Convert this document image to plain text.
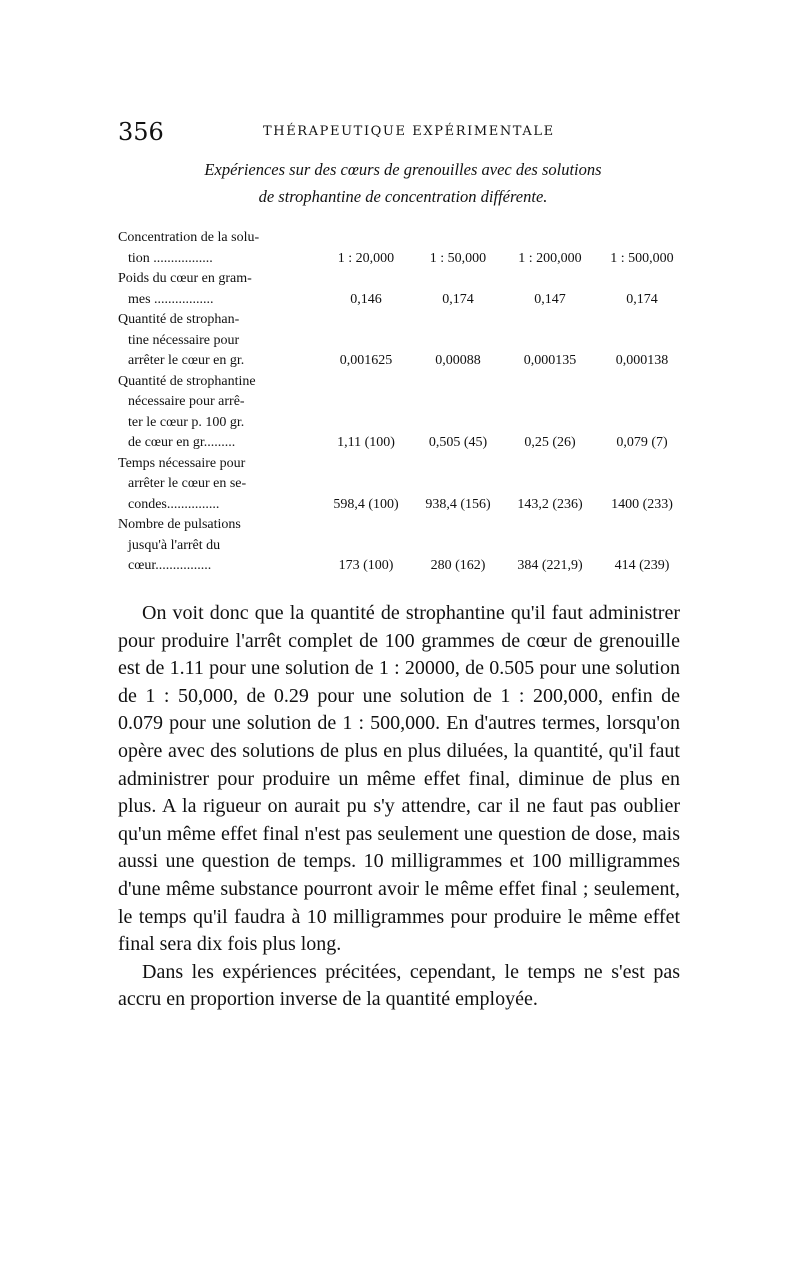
356	THÉRAPEUTIQUE EXPÉRIMENTALE
Expériences sur des cœurs de grenouilles avec des solutions
de strophantine de concentration différente.
Concentration de la solu-
tion .................	1 : 20,000	1 : 50,000	1 : 200,000	1 : 500,000

Poids du cœur en gram-
mes .................	0,146	0,174	0,147	0,174

Quantité de strophan-
tine nécessaire pour
arrêter le cœur en gr.	0,001625	0,00088	0,000135	0,000138

Quantité de strophantine
nécessaire pour arrê-
ter le cœur p. 100 gr.
de cœur en gr.........	1,11 (100)	0,505 (45)	0,25 (26)	0,079 (7)

Temps nécessaire pour
arrêter le cœur en se-
condes...............	598,4 (100)	938,4 (156)	143,2 (236)	1400 (233)

Nombre de pulsations
jusqu'à l'arrêt du
cœur................	173 (100)	280 (162)	384 (221,9)	414 (239)

On voit donc que la quantité de strophantine qu'il faut administrer pour produire l'arrêt complet de 100 grammes de cœur de grenouille est de 1.11 pour une solution de 1 : 20000, de 0.505 pour une solution de 1 : 50,000, de 0.29 pour une solution de 1 : 200,000, enfin de 0.079 pour une solution de 1 : 500,000. En d'autres termes, lorsqu'on opère avec des solutions de plus en plus diluées, la quantité, qu'il faut administrer pour produire un même effet final, diminue de plus en plus. A la rigueur on aurait pu s'y attendre, car il ne faut pas oublier qu'un même effet final n'est pas seulement une question de dose, mais aussi une question de temps. 10 milligrammes et 100 milligrammes d'une même substance pourront avoir le même effet final ; seulement, le temps qu'il faudra à 10 milligrammes pour produire le même effet final sera dix fois plus long.

Dans les expériences précitées, cependant, le temps ne s'est pas accru en proportion inverse de la quantité employée.
